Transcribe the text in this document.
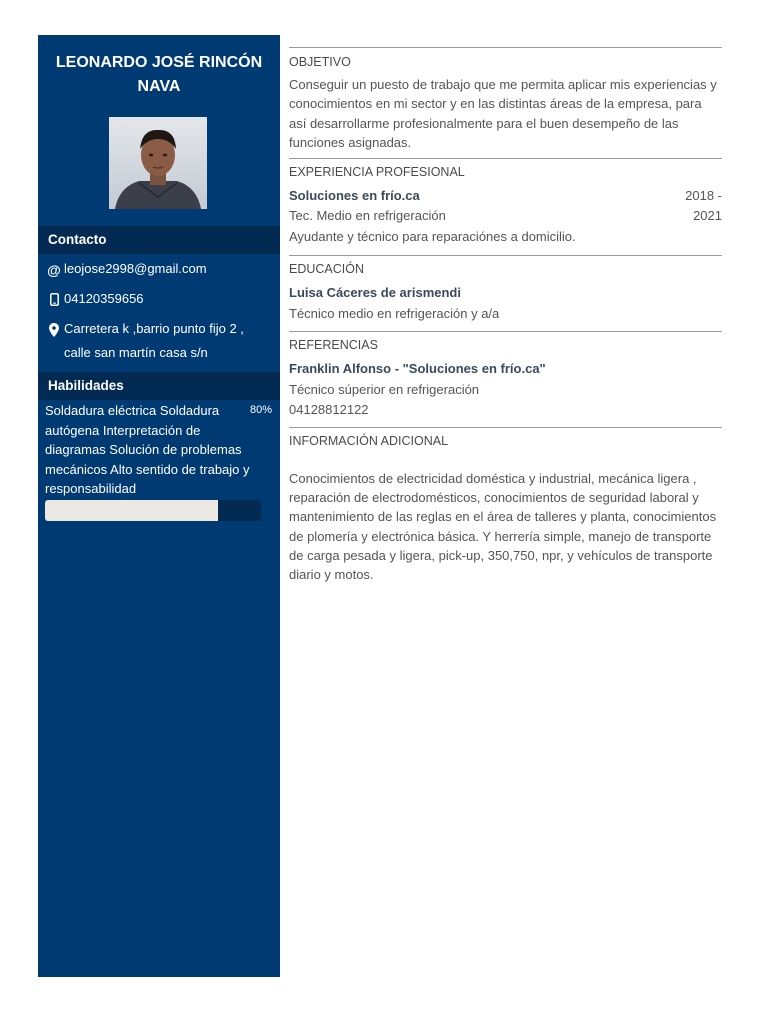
LEONARDO JOSÉ RINCÓN NAVA
Contacto
@ leojose2998@gmail.com
04120359656
Carretera k ,barrio punto fijo 2 , calle san martín casa s/n
Habilidades
Soldadura eléctrica Soldadura autógena Interpretación de diagramas Solución de problemas mecánicos Alto sentido de trabajo y responsabilidad
80%
OBJETIVO
Conseguir un puesto de trabajo que me permita aplicar mis experiencias y conocimientos en mi sector y en las distintas áreas de la empresa, para así desarrollarme profesionalmente para el buen desempeño de las funciones asignadas.
EXPERIENCIA PROFESIONAL
Soluciones en frío.ca	2018 -
Tec. Medio en refrigeración	2021
Ayudante y técnico para reparaciónes a domicilio.
EDUCACIÓN
Luisa Cáceres de arismendi
Técnico medio en refrigeración y a/a
REFERENCIAS
Franklin Alfonso - "Soluciones en frío.ca"
Técnico súperior en refrigeración
04128812122
INFORMACIÓN ADICIONAL
Conocimientos de electricidad doméstica y industrial, mecánica ligera , reparación de electrodomésticos, conocimientos de seguridad laboral y mantenimiento de las reglas en el área de talleres y planta, conocimientos de plomería y electrónica básica. Y herrería simple, manejo de transporte de carga pesada y ligera, pick-up, 350,750, npr, y vehículos de transporte diario y motos.
